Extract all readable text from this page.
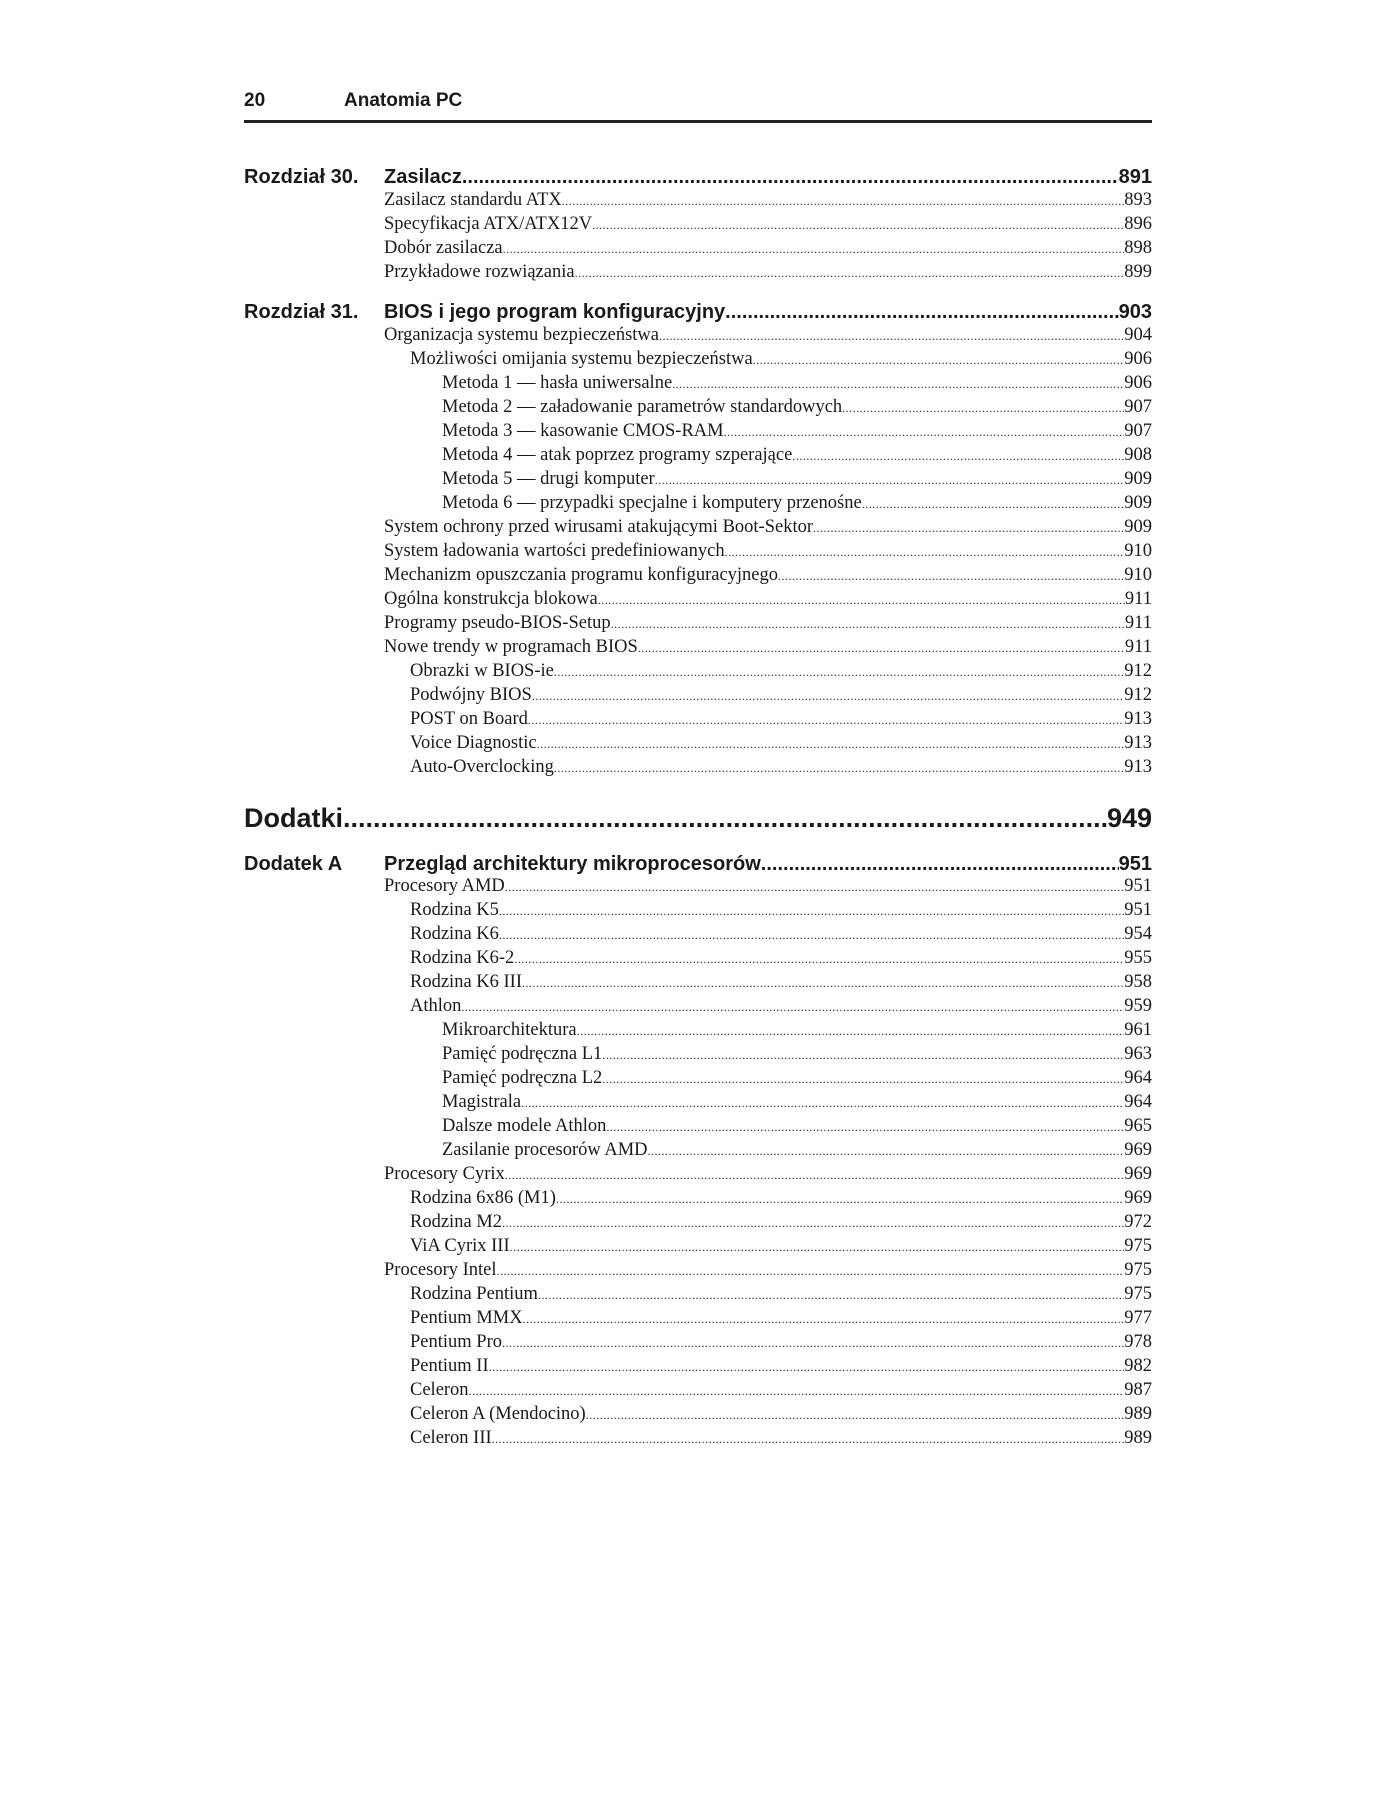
20	Anatomia PC
Rozdział 30. Zasilacz .....	891
Zasilacz standardu ATX .....	893
Specyfikacja ATX/ATX12V .....	896
Dobór zasilacza .....	898
Przykładowe rozwiązania .....	899
Rozdział 31. BIOS i jego program konfiguracyjny .....	903
Organizacja systemu bezpieczeństwa .....	904
Możliwości omijania systemu bezpieczeństwa .....	906
Metoda 1 — hasła uniwersalne .....	906
Metoda 2 — załadowanie parametrów standardowych .....	907
Metoda 3 — kasowanie CMOS-RAM .....	907
Metoda 4 — atak poprzez programy szperające .....	908
Metoda 5 — drugi komputer .....	909
Metoda 6 — przypadki specjalne i komputery przenośne .....	909
System ochrony przed wirusami atakującymi Boot-Sektor .....	909
System ładowania wartości predefiniowanych .....	910
Mechanizm opuszczania programu konfiguracyjnego .....	910
Ogólna konstrukcja blokowa .....	911
Programy pseudo-BIOS-Setup .....	911
Nowe trendy w programach BIOS .....	911
Obrazki w BIOS-ie .....	912
Podwójny BIOS .....	912
POST on Board .....	913
Voice Diagnostic .....	913
Auto-Overclocking .....	913
Dodatki .....	949
Dodatek A Przegląd architektury mikroprocesorów .....	951
Procesory AMD .....	951
Rodzina K5 .....	951
Rodzina K6 .....	954
Rodzina K6-2 .....	955
Rodzina K6 III .....	958
Athlon .....	959
Mikroarchitektura .....	961
Pamięć podręczna L1 .....	963
Pamięć podręczna L2 .....	964
Magistrala .....	964
Dalsze modele Athlon .....	965
Zasilanie procesorów AMD .....	969
Procesory Cyrix .....	969
Rodzina 6x86 (M1) .....	969
Rodzina M2 .....	972
ViA Cyrix III .....	975
Procesory Intel .....	975
Rodzina Pentium .....	975
Pentium MMX .....	977
Pentium Pro .....	978
Pentium II .....	982
Celeron .....	987
Celeron A (Mendocino) .....	989
Celeron III .....	989
